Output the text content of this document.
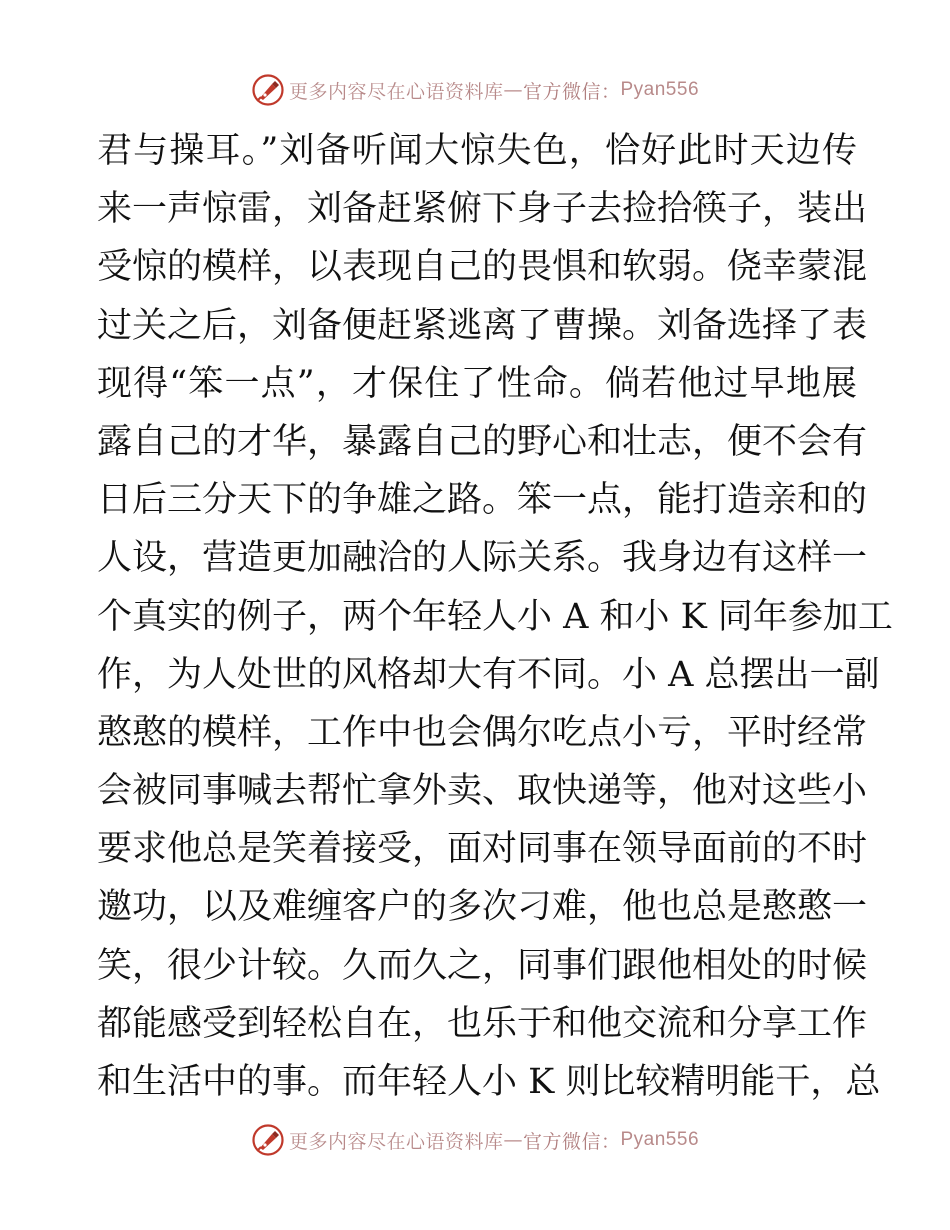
更多内容尽在心语资料库 — 官方微信： Pyan556
君与操耳。”刘备听闻大惊失色，恰好此时天边传
来一声惊雷，刘备赶紧俯下身子去捡拾筷子，装出
受惊的模样，以表现自己的畏惧和软弱。侥幸蒙混
过关之后，刘备便赶紧逃离了曹操。刘备选择了表
现得“笨一点”，才保住了性命。倘若他过早地展
露自己的才华，暴露自己的野心和壮志，便不会有
日后三分天下的争雄之路。笨一点，能打造亲和的
人设，营造更加融洽的人际关系。我身边有这样一
个真实的例子，两个年轻人小 A 和小 K 同年参加工
作，为人处世的风格却大有不同。小 A 总摆出一副
憨憨的模样，工作中也会偶尔吃点小亏，平时经常
会被同事喊去帮忙拿外卖、取快递等，他对这些小
要求他总是笑着接受，面对同事在领导面前的不时
邀功，以及难缠客户的多次刁难，他也总是憨憨一
笑，很少计较。久而久之，同事们跟他相处的时候
都能感受到轻松自在，也乐于和他交流和分享工作
和生活中的事。而年轻人小 K 则比较精明能干，总
更多内容尽在心语资料库 — 官方微信： Pyan556
